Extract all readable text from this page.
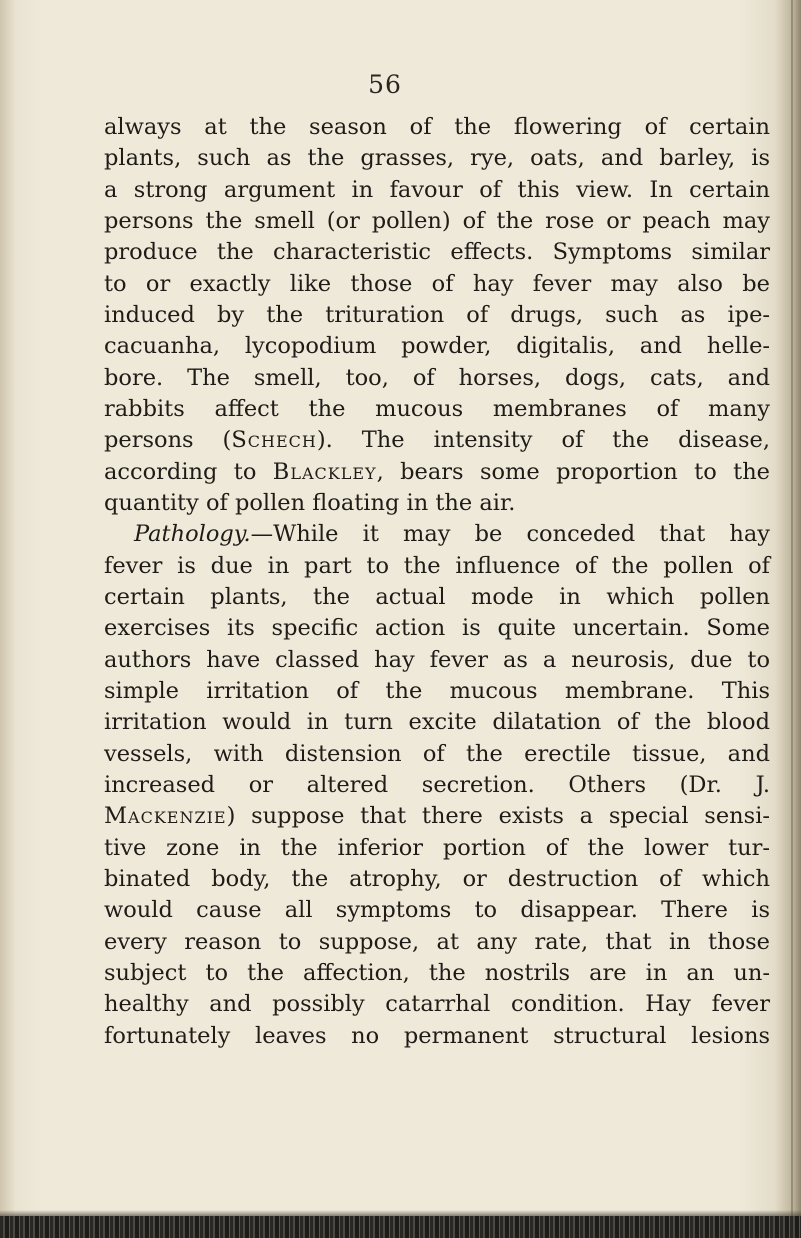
56
always at the season of the flowering of certain
plants, such as the grasses, rye, oats, and barley, is
a strong argument in favour of this view. In certain
persons the smell (or pollen) of the rose or peach may
produce the characteristic effects. Symptoms similar
to or exactly like those of hay fever may also be
induced by the trituration of drugs, such as ipe-
cacuanha, lycopodium powder, digitalis, and helle-
bore. The smell, too, of horses, dogs, cats, and
rabbits affect the mucous membranes of many
persons (Schech). The intensity of the disease,
according to Blackley, bears some proportion to the
quantity of pollen floating in the air.
Pathology.—While it may be conceded that hay
fever is due in part to the influence of the pollen of
certain plants, the actual mode in which pollen
exercises its specific action is quite uncertain. Some
authors have classed hay fever as a neurosis, due to
simple irritation of the mucous membrane. This
irritation would in turn excite dilatation of the blood
vessels, with distension of the erectile tissue, and
increased or altered secretion. Others (Dr. J.
Mackenzie) suppose that there exists a special sensi-
tive zone in the inferior portion of the lower tur-
binated body, the atrophy, or destruction of which
would cause all symptoms to disappear. There is
every reason to suppose, at any rate, that in those
subject to the affection, the nostrils are in an un-
healthy and possibly catarrhal condition. Hay fever
fortunately leaves no permanent structural lesions
